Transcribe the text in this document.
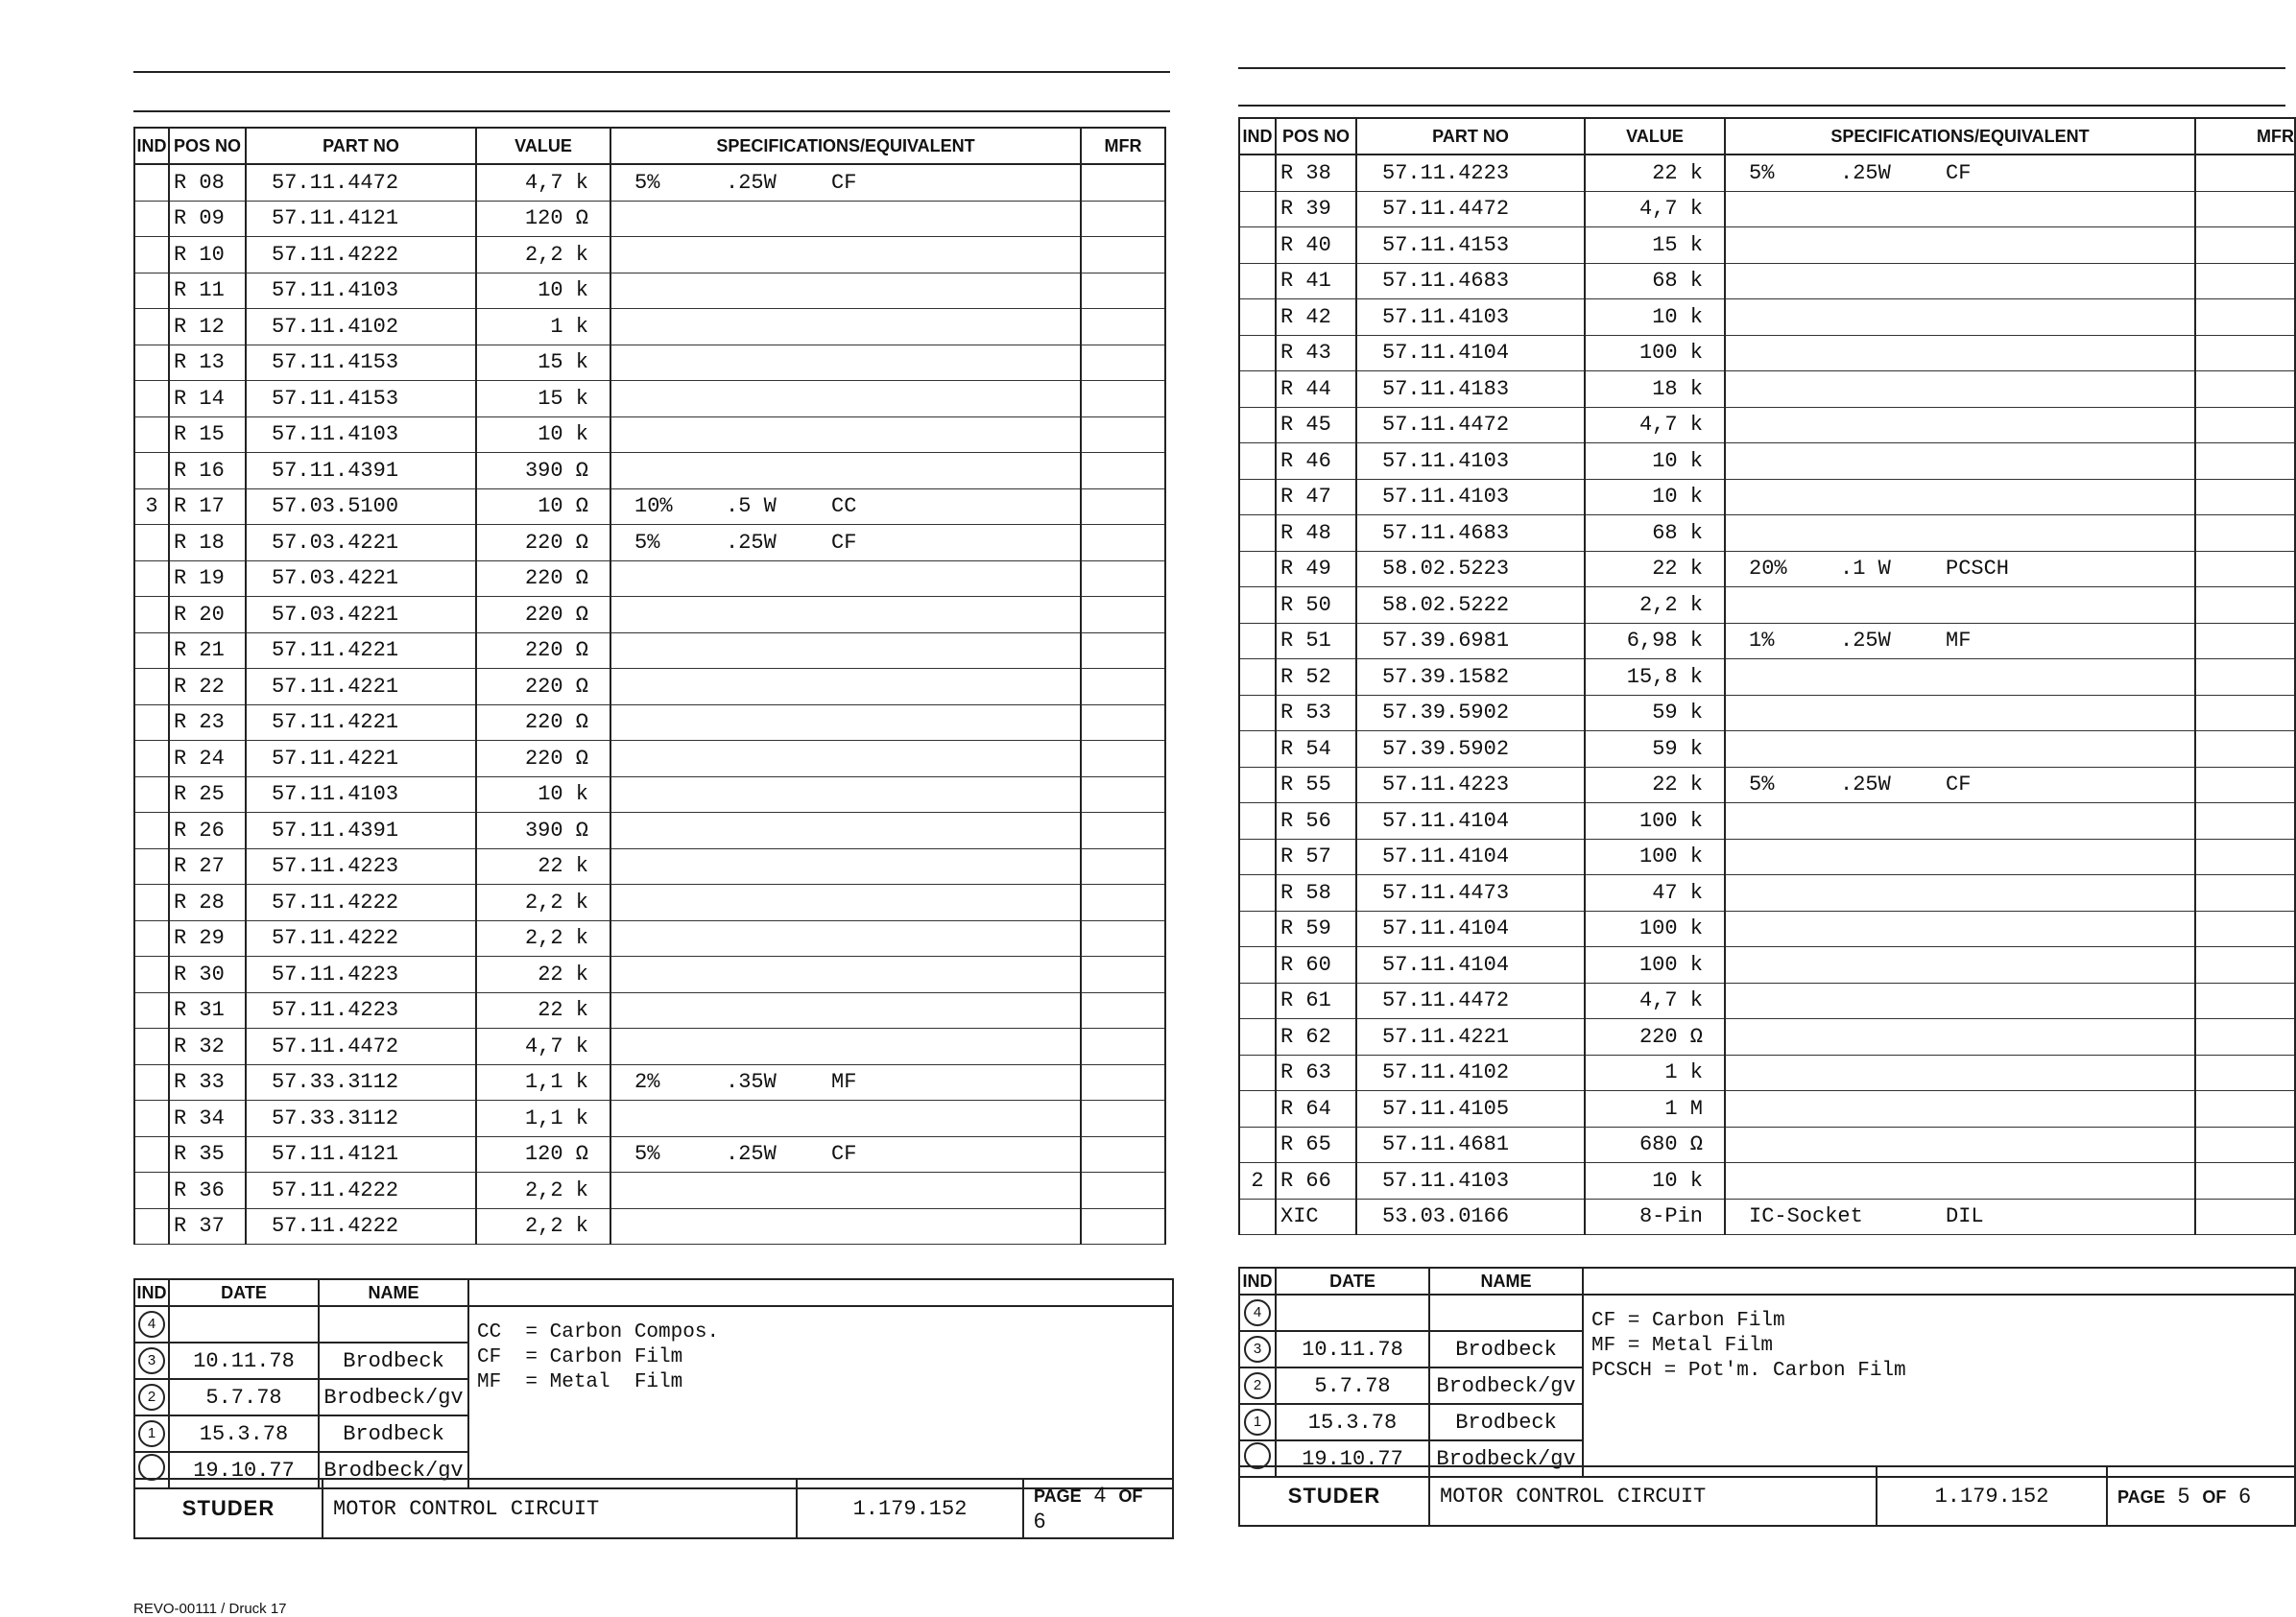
IND	POS NO	PART NO	VALUE	SPECIFICATIONS/EQUIVALENT	MFR
	R 08	57.11.4472	4,7 k	5% .25W CF	
	R 09	57.11.4121	120 Ω		
	R 10	57.11.4222	2,2 k		
	R 11	57.11.4103	10 k		
	R 12	57.11.4102	1 k		
	R 13	57.11.4153	15 k		
	R 14	57.11.4153	15 k		
	R 15	57.11.4103	10 k		
	R 16	57.11.4391	390 Ω		
3	R 17	57.03.5100	10 Ω	10% .5 W CC	
	R 18	57.03.4221	220 Ω	5% .25W CF	
	R 19	57.03.4221	220 Ω		
	R 20	57.03.4221	220 Ω		
	R 21	57.11.4221	220 Ω		
	R 22	57.11.4221	220 Ω		
	R 23	57.11.4221	220 Ω		
	R 24	57.11.4221	220 Ω		
	R 25	57.11.4103	10 k		
	R 26	57.11.4391	390 Ω		
	R 27	57.11.4223	22 k		
	R 28	57.11.4222	2,2 k		
	R 29	57.11.4222	2,2 k		
	R 30	57.11.4223	22 k		
	R 31	57.11.4223	22 k		
	R 32	57.11.4472	4,7 k		
	R 33	57.33.3112	1,1 k	2% .35W MF	
	R 34	57.33.3112	1,1 k		
	R 35	57.11.4121	120 Ω	5% .25W CF	
	R 36	57.11.4222	2,2 k		
	R 37	57.11.4222	2,2 k		
IND	DATE	NAME	
4			CC  = Carbon Compos.
CF  = Carbon Film
MF  = Metal  Film

3	10.11.78	Brodbeck	
2	5.7.78	Brodbeck/gv	
1	15.3.78	Brodbeck	
	19.10.77	Brodbeck/gv	
STUDER	MOTOR CONTROL CIRCUIT	1.179.152	PAGE 4 OF 6
IND	POS NO	PART NO	VALUE	SPECIFICATIONS/EQUIVALENT	MFR
	R 38	57.11.4223	22 k	5% .25W CF	
	R 39	57.11.4472	4,7 k		
	R 40	57.11.4153	15 k		
	R 41	57.11.4683	68 k		
	R 42	57.11.4103	10 k		
	R 43	57.11.4104	100 k		
	R 44	57.11.4183	18 k		
	R 45	57.11.4472	4,7 k		
	R 46	57.11.4103	10 k		
	R 47	57.11.4103	10 k		
	R 48	57.11.4683	68 k		
	R 49	58.02.5223	22 k	20% .1 W PCSCH	
	R 50	58.02.5222	2,2 k		
	R 51	57.39.6981	6,98 k	1% .25W MF	
	R 52	57.39.1582	15,8 k		
	R 53	57.39.5902	59 k		
	R 54	57.39.5902	59 k		
	R 55	57.11.4223	22 k	5% .25W CF	
	R 56	57.11.4104	100 k		
	R 57	57.11.4104	100 k		
	R 58	57.11.4473	47 k		
	R 59	57.11.4104	100 k		
	R 60	57.11.4104	100 k		
	R 61	57.11.4472	4,7 k		
	R 62	57.11.4221	220 Ω		
	R 63	57.11.4102	1 k		
	R 64	57.11.4105	1 M		
	R 65	57.11.4681	680 Ω		
2	R 66	57.11.4103	10 k		
	XIC	53.03.0166	8-Pin	IC-Socket DIL	
IND	DATE	NAME	
4			CF = Carbon Film
MF = Metal Film
PCSCH = Pot'm. Carbon Film

3	10.11.78	Brodbeck	
2	5.7.78	Brodbeck/gv	
1	15.3.78	Brodbeck	
	19.10.77	Brodbeck/gv	
STUDER	MOTOR CONTROL CIRCUIT	1.179.152	PAGE 5 OF 6
REVO-00111 / Druck 17
